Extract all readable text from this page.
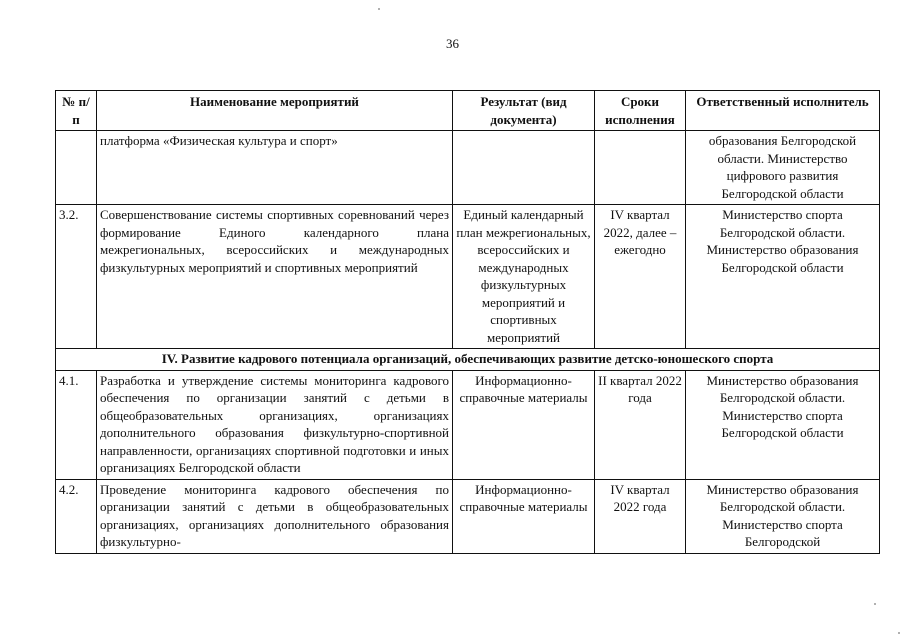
36
№ п/п	Наименование мероприятий	Результат (вид документа)	Сроки исполнения	Ответственный исполнитель
	платформа «Физическая культура и спорт»			образования Белгородской области. Министерство цифрового развития Белгородской области
3.2.	Совершенствование системы спортивных соревнований через формирование Единого календарного плана межрегиональных, всероссийских и международных физкультурных мероприятий и спортивных мероприятий	Единый календарный план межрегиональных, всероссийских и международных физкультурных мероприятий и спортивных мероприятий	IV квартал 2022, далее – ежегодно	Министерство спорта Белгородской области. Министерство образования Белгородской области
IV. Развитие кадрового потенциала организаций, обеспечивающих развитие детско-юношеского спорта				
4.1.	Разработка и утверждение системы мониторинга кадрового обеспечения по организации занятий с детьми в общеобразовательных организациях, организациях дополнительного образования физкультурно-спортивной направленности, организациях спортивной подготовки и иных организациях Белгородской области	Информационно-справочные материалы	II квартал 2022 года	Министерство образования Белгородской области. Министерство спорта Белгородской области
4.2.	Проведение мониторинга кадрового обеспечения по организации занятий с детьми в общеобразовательных организациях, организациях дополнительного образования физкультурно-	Информационно-справочные материалы	IV квартал 2022 года	Министерство образования Белгородской области. Министерство спорта Белгородской
